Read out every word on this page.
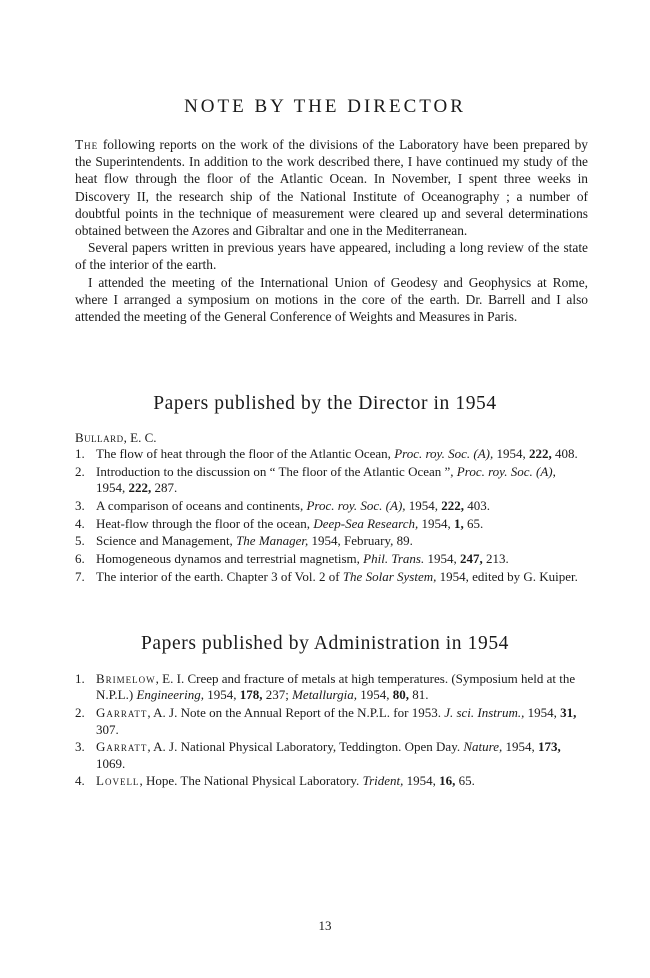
NOTE BY THE DIRECTOR

The following reports on the work of the divisions of the Laboratory have been prepared by the Superintendents. In addition to the work described there, I have continued my study of the heat flow through the floor of the Atlantic Ocean. In November, I spent three weeks in Discovery II, the research ship of the National Institute of Oceanography ; a number of doubtful points in the technique of measurement were cleared up and several determinations obtained between the Azores and Gibraltar and one in the Mediterranean.

Several papers written in previous years have appeared, including a long review of the state of the interior of the earth.

I attended the meeting of the International Union of Geodesy and Geophysics at Rome, where I arranged a symposium on motions in the core of the earth. Dr. Barrell and I also attended the meeting of the General Conference of Weights and Measures in Paris.

Papers published by the Director in 1954

Bullard, E. C.

1. The flow of heat through the floor of the Atlantic Ocean, Proc. roy. Soc. (A), 1954, 222, 408.
2. Introduction to the discussion on “ The floor of the Atlantic Ocean ”, Proc. roy. Soc. (A), 1954, 222, 287.
3. A comparison of oceans and continents, Proc. roy. Soc. (A), 1954, 222, 403.
4. Heat-flow through the floor of the ocean, Deep-Sea Research, 1954, 1, 65.
5. Science and Management, The Manager, 1954, February, 89.
6. Homogeneous dynamos and terrestrial magnetism, Phil. Trans. 1954, 247, 213.
7. The interior of the earth. Chapter 3 of Vol. 2 of The Solar System, 1954, edited by G. Kuiper.
Papers published by Administration in 1954
1. Brimelow, E. I. Creep and fracture of metals at high temperatures. (Symposium held at the N.P.L.) Engineering, 1954, 178, 237; Metallurgia, 1954, 80, 81.
2. Garratt, A. J. Note on the Annual Report of the N.P.L. for 1953. J. sci. Instrum., 1954, 31, 307.
3. Garratt, A. J. National Physical Laboratory, Teddington. Open Day. Nature, 1954, 173, 1069.
4. Lovell, Hope. The National Physical Laboratory. Trident, 1954, 16, 65.
13
